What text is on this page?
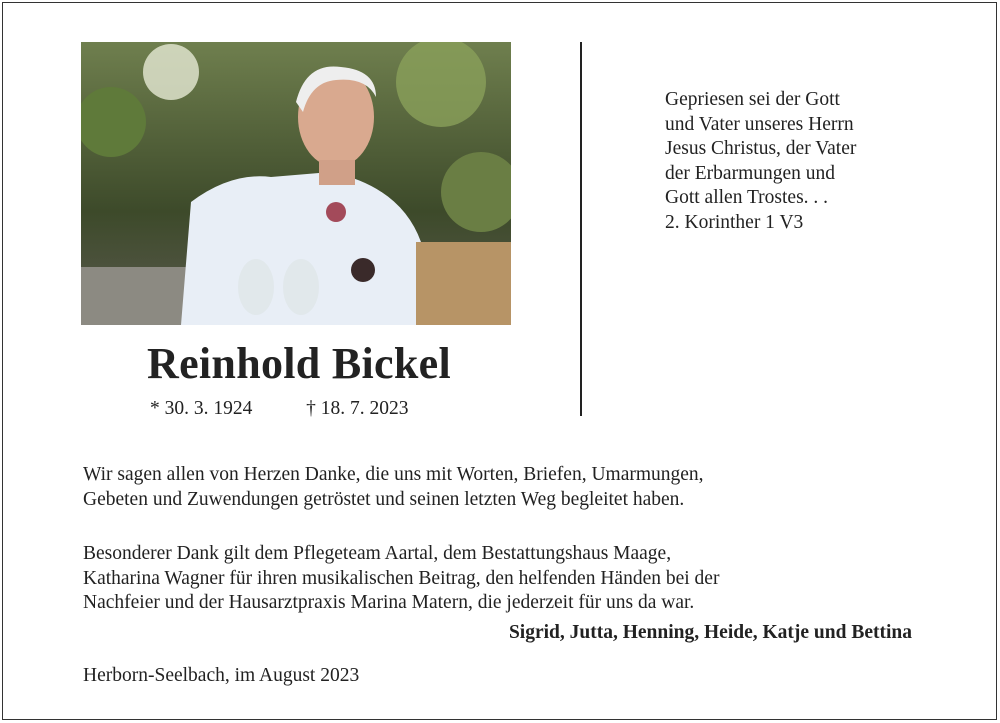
Gepriesen sei der Gott
und Vater unseres Herrn
Jesus Christus, der Vater
der Erbarmungen und
Gott allen Trostes. . .
2. Korinther 1 V3
Reinhold Bickel
* 30. 3. 1924	† 18. 7. 2023

Wir sagen allen von Herzen Danke, die uns mit Worten, Briefen, Umarmungen,
Gebeten und Zuwendungen getröstet und seinen letzten Weg begleitet haben.

Besonderer Dank gilt dem Pflegeteam Aartal, dem Bestattungshaus Maage,
Katharina Wagner für ihren musikalischen Beitrag, den helfenden Händen bei der
Nachfeier und der Hausarztpraxis Marina Matern, die jederzeit für uns da war.

Sigrid, Jutta, Henning, Heide, Katje und Bettina
Herborn-Seelbach, im August 2023
